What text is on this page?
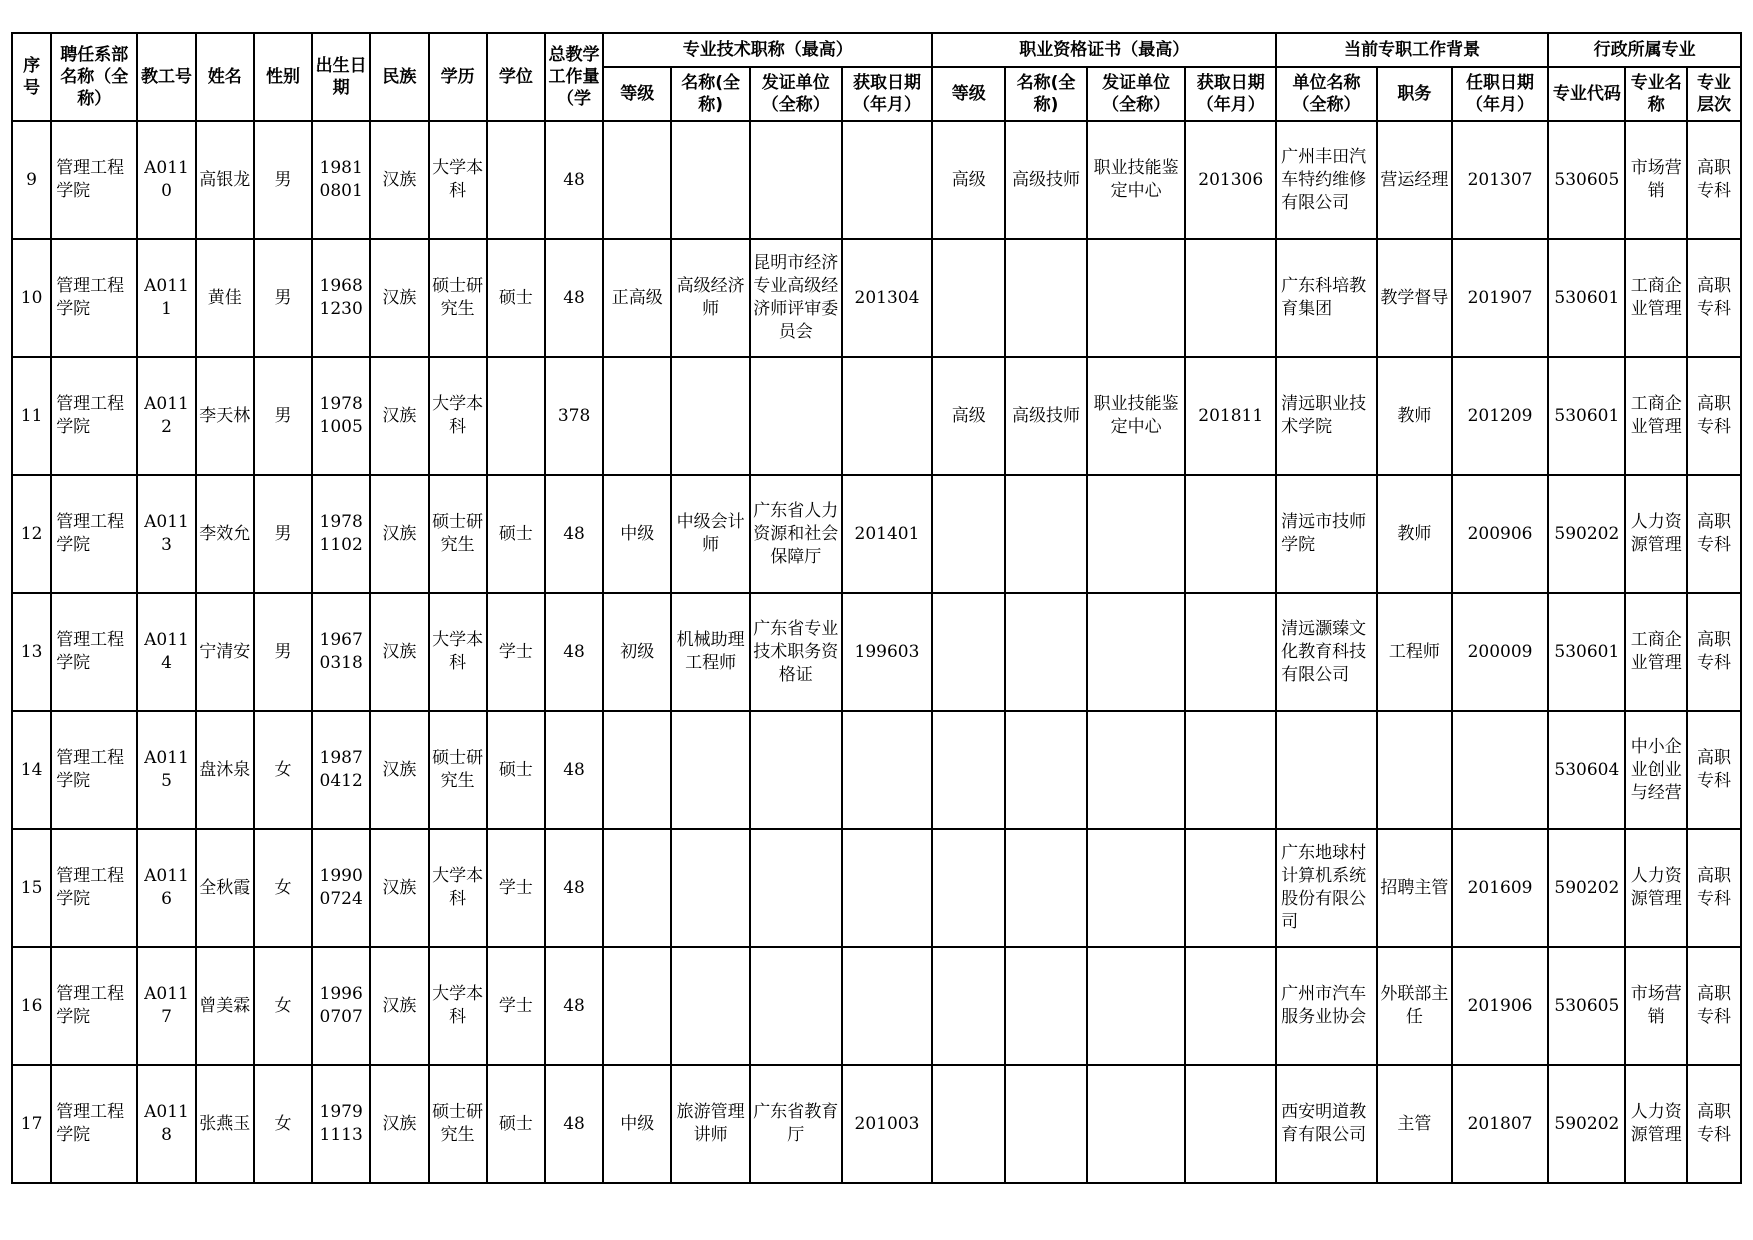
序号	聘任系部名称（全称）	教工号	姓名	性别	出生日期	民族	学历	学位	总教学工作量（学	专业技术职称（最高）				职业资格证书（最高）				当前专职工作背景			行政所属专业		
										等级	名称(全称)	发证单位（全称）	获取日期（年月）	等级	名称(全称)	发证单位（全称）	获取日期（年月）	单位名称（全称）	职务	任职日期（年月）	专业代码	专业名称	专业层次
9	管理工程学院	A0110	高银龙	男	19810801	汉族	大学本科		48					高级	高级技师	职业技能鉴定中心	201306	广州丰田汽车特约维修有限公司	营运经理	201307	530605	市场营销	高职专科
10	管理工程学院	A0111	黄佳	男	19681230	汉族	硕士研究生	硕士	48	正高级	高级经济师	昆明市经济专业高级经济师评审委员会	201304					广东科培教育集团	教学督导	201907	530601	工商企业管理	高职专科
11	管理工程学院	A0112	李天林	男	19781005	汉族	大学本科		378					高级	高级技师	职业技能鉴定中心	201811	清远职业技术学院	教师	201209	530601	工商企业管理	高职专科
12	管理工程学院	A0113	李效允	男	19781102	汉族	硕士研究生	硕士	48	中级	中级会计师	广东省人力资源和社会保障厅	201401					清远市技师学院	教师	200906	590202	人力资源管理	高职专科
13	管理工程学院	A0114	宁清安	男	19670318	汉族	大学本科	学士	48	初级	机械助理工程师	广东省专业技术职务资格证	199603					清远灏臻文化教育科技有限公司	工程师	200009	530601	工商企业管理	高职专科
14	管理工程学院	A0115	盘沐泉	女	19870412	汉族	硕士研究生	硕士	48												530604	中小企业创业与经营	高职专科
15	管理工程学院	A0116	全秋霞	女	19900724	汉族	大学本科	学士	48									广东地球村计算机系统股份有限公司	招聘主管	201609	590202	人力资源管理	高职专科
16	管理工程学院	A0117	曾美霖	女	19960707	汉族	大学本科	学士	48									广州市汽车服务业协会	外联部主任	201906	530605	市场营销	高职专科
17	管理工程学院	A0118	张燕玉	女	19791113	汉族	硕士研究生	硕士	48	中级	旅游管理讲师	广东省教育厅	201003					西安明道教育有限公司	主管	201807	590202	人力资源管理	高职专科
